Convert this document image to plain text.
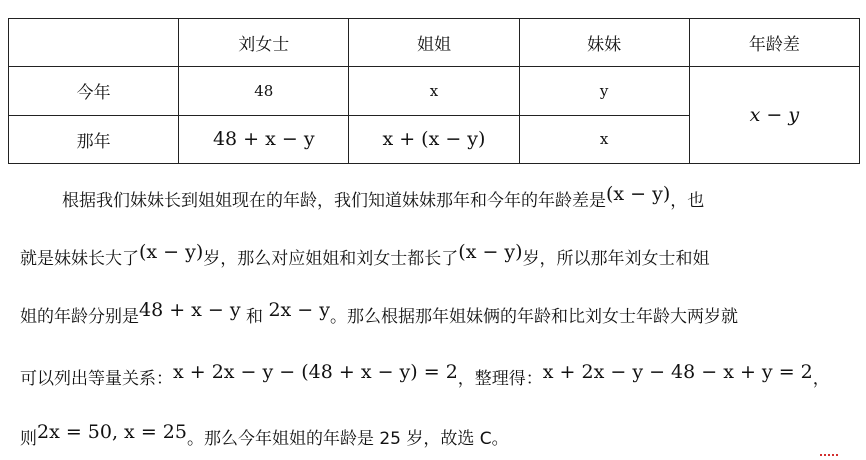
	刘女士	姐姐	妹妹	年龄差
今年	48	x	y	x − y
那年	48 + x − y	x + (x − y)	x	
根据我们妹妹长到姐姐现在的年龄，我们知道妹妹那年和今年的年龄差是(x − y)，也
就是妹妹长大了(x − y)岁，那么对应姐姐和刘女士都长了(x − y)岁，所以那年刘女士和姐
姐的年龄分别是48 + x − y 和 2x − y。那么根据那年姐妹俩的年龄和比刘女士年龄大两岁就
可以列出等量关系：x + 2x − y − (48 + x − y) = 2，整理得：x + 2x − y − 48 − x + y = 2，
则2x = 50, x = 25。那么今年姐姐的年龄是 25 岁，故选 C。
